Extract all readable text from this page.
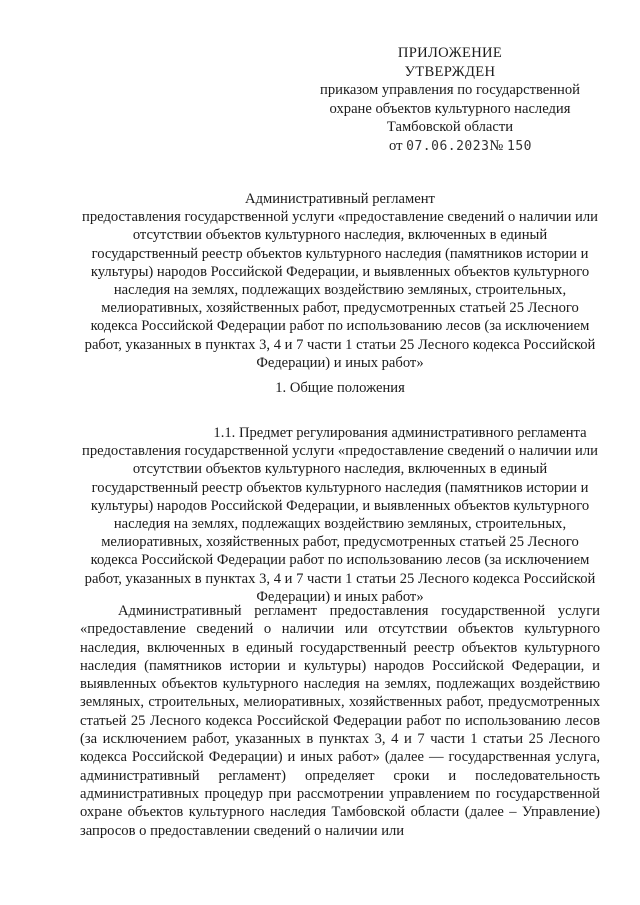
ПРИЛОЖЕНИЕ
УТВЕРЖДЕН
приказом управления по государственной
охране объектов культурного наследия
Тамбовской области
от 07.06.2023№ 150
Административный регламент
предоставления государственной услуги «предоставление сведений о наличии или отсутствии объектов культурного наследия, включенных в единый государственный реестр объектов культурного наследия (памятников истории и культуры) народов Российской Федерации, и выявленных объектов культурного наследия на землях, подлежащих воздействию земляных, строительных, мелиоративных, хозяйственных работ, предусмотренных статьей 25 Лесного кодекса Российской Федерации работ по использованию лесов (за исключением работ, указанных в пунктах 3, 4 и 7 части 1 статьи 25 Лесного кодекса Российской Федерации) и иных работ»
1. Общие положения
1.1. Предмет регулирования административного регламента
предоставления государственной услуги «предоставление сведений о наличии или отсутствии объектов культурного наследия, включенных в единый государственный реестр объектов культурного наследия (памятников истории и культуры) народов Российской Федерации, и выявленных объектов культурного наследия на землях, подлежащих воздействию земляных, строительных, мелиоративных, хозяйственных работ, предусмотренных статьей 25 Лесного кодекса Российской Федерации работ по использованию лесов (за исключением работ, указанных в пунктах 3, 4 и 7 части 1 статьи 25 Лесного кодекса Российской Федерации) и иных работ»
Административный регламент предоставления государственной услуги «предоставление сведений о наличии или отсутствии объектов культурного наследия, включенных в единый государственный реестр объектов культурного наследия (памятников истории и культуры) народов Российской Федерации, и выявленных объектов культурного наследия на землях, подлежащих воздействию земляных, строительных, мелиоративных, хозяйственных работ, предусмотренных статьей 25 Лесного кодекса Российской Федерации работ по использованию лесов (за исключением работ, указанных в пунктах 3, 4 и 7 части 1 статьи 25 Лесного кодекса Российской Федерации) и иных работ» (далее — государственная услуга, административный регламент) определяет сроки и последовательность административных процедур при рассмотрении управлением по государственной охране объектов культурного наследия Тамбовской области (далее – Управление) запросов о предоставлении сведений о наличии или
